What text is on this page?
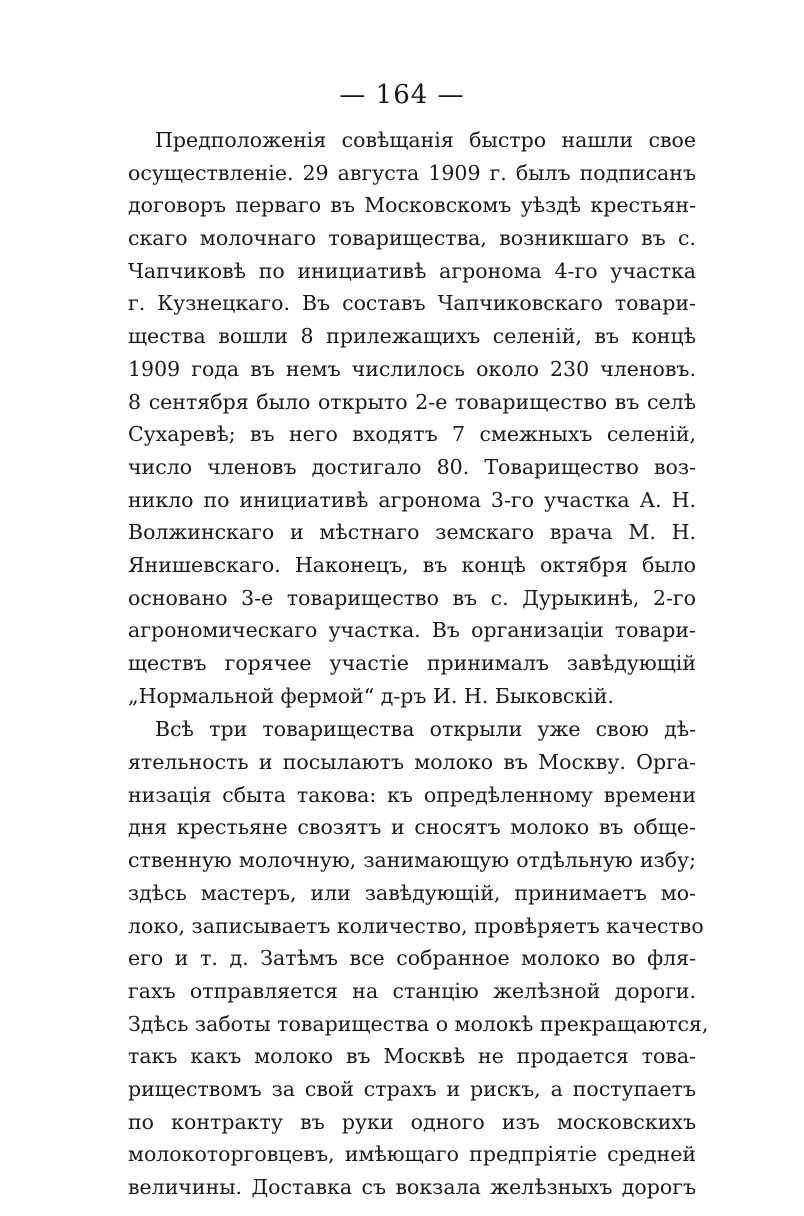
— 164 —
Предположенія совѣщанія быстро нашли свое
осуществленіе. 29 августа 1909 г. былъ подписанъ
договоръ перваго въ Московскомъ уѣздѣ крестьян-
скаго молочнаго товарищества, возникшаго въ с.
Чапчиковѣ по инициативѣ агронома 4-го участка
г. Кузнецкаго. Въ составъ Чапчиковскаго товари-
щества вошли 8 прилежащихъ селеній, въ концѣ
1909 года въ немъ числилось около 230 членовъ.
8 сентября было открыто 2-е товарищество въ селѣ
Сухаревѣ; въ него входятъ 7 смежныхъ селеній,
число членовъ достигало 80. Товарищество воз-
никло по инициативѣ агронома 3-го участка А. Н.
Волжинскаго и мѣстнаго земскаго врача М. Н.
Янишевскаго. Наконецъ, въ концѣ октября было
основано 3-е товарищество въ с. Дурыкинѣ, 2-го
агрономическаго участка. Въ организаціи товари-
ществъ горячее участіе принималъ завѣдующій
„Нормальной фермой“ д-ръ И. Н. Быковскій.
Всѣ три товарищества открыли уже свою дѣ-
ятельность и посылаютъ молоко въ Москву. Орга-
низація сбыта такова: къ опредѣленному времени
дня крестьяне свозятъ и сносятъ молоко въ обще-
ственную молочную, занимающую отдѣльную избу;
здѣсь мастеръ, или завѣдующій, принимаетъ мо-
локо, записываетъ количество, провѣряетъ качество
его и т. д. Затѣмъ все собранное молоко во фля-
гахъ отправляется на станцію желѣзной дороги.
Здѣсь заботы товарищества о молокѣ прекращаются,
такъ какъ молоко въ Москвѣ не продается това-
риществомъ за свой страхъ и рискъ, а поступаетъ
по контракту въ руки одного изъ московскихъ
молокоторговцевъ, имѣющаго предпріятіе средней
величины. Доставка съ вокзала желѣзныхъ дорогъ
